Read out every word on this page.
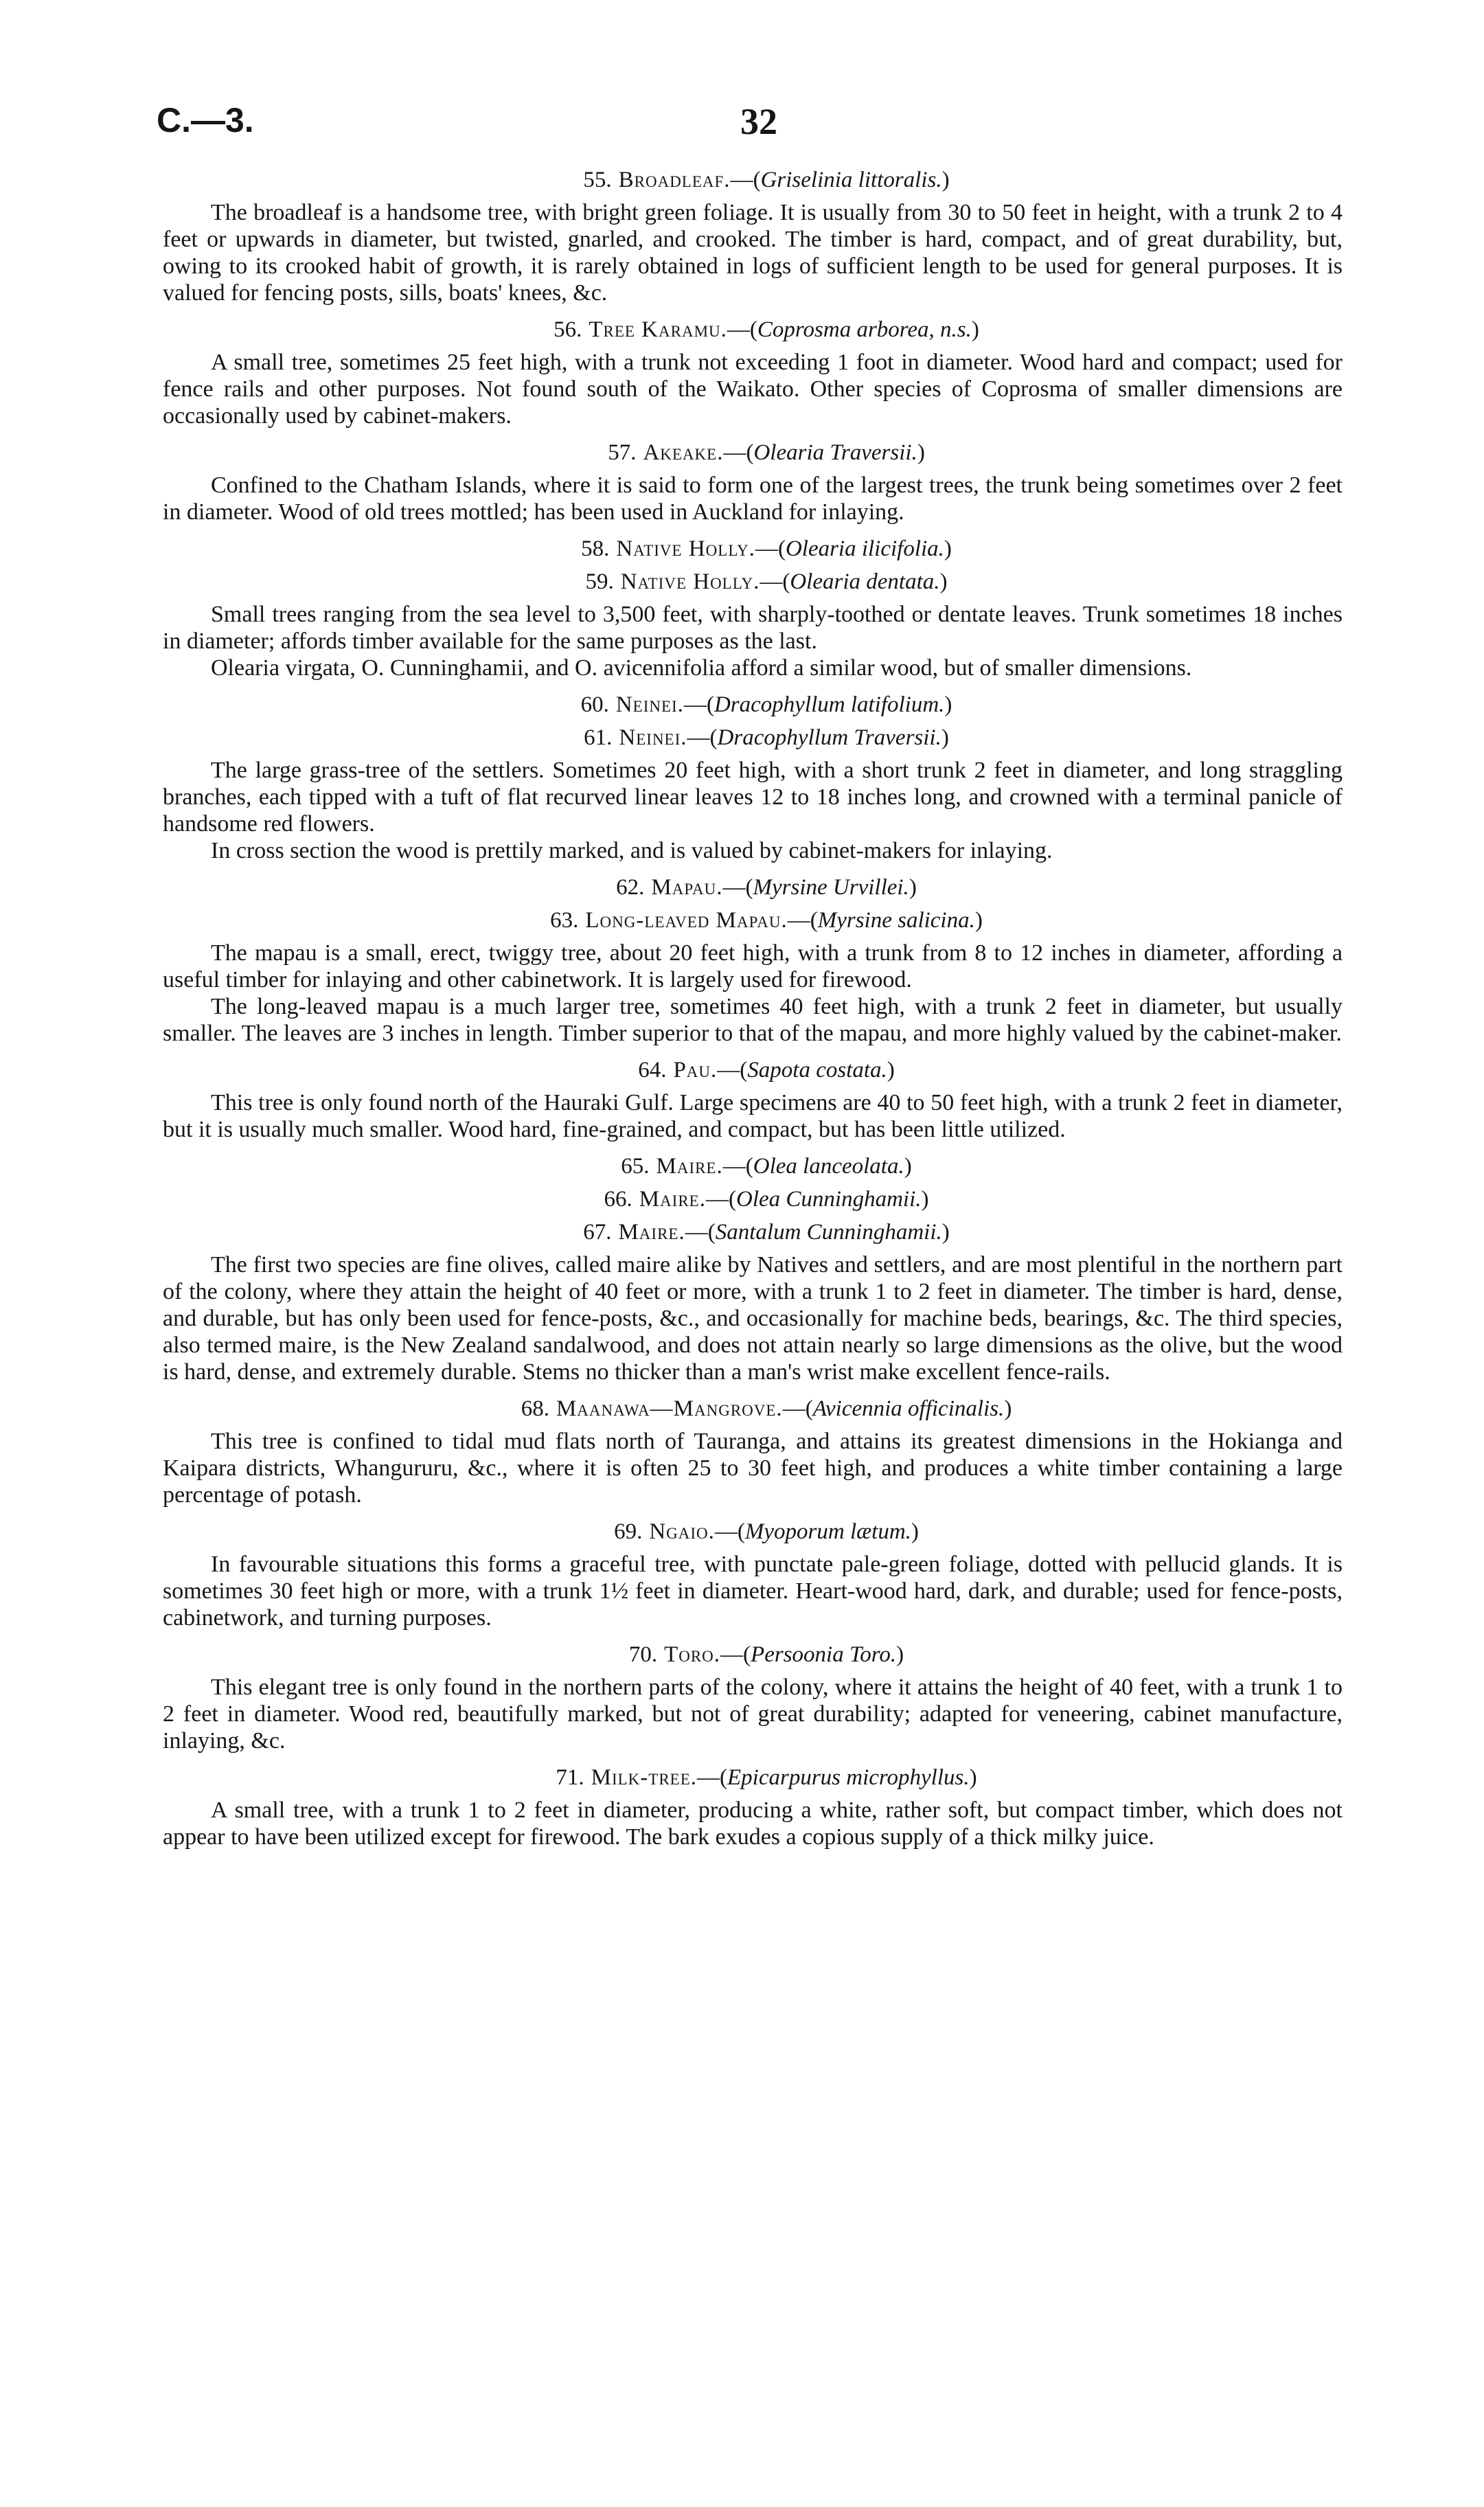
C.—3.	32
55. Broadleaf.—(Griselinia littoralis.)

The broadleaf is a handsome tree, with bright green foliage. It is usually from 30 to 50 feet in height, with a trunk 2 to 4 feet or upwards in diameter, but twisted, gnarled, and crooked. The timber is hard, compact, and of great durability, but, owing to its crooked habit of growth, it is rarely obtained in logs of sufficient length to be used for general purposes. It is valued for fencing posts, sills, boats' knees, &c.

56. Tree Karamu.—(Coprosma arborea, n.s.)

A small tree, sometimes 25 feet high, with a trunk not exceeding 1 foot in diameter. Wood hard and compact; used for fence rails and other purposes. Not found south of the Waikato. Other species of Coprosma of smaller dimensions are occasionally used by cabinet-makers.

57. Akeake.—(Olearia Traversii.)

Confined to the Chatham Islands, where it is said to form one of the largest trees, the trunk being sometimes over 2 feet in diameter. Wood of old trees mottled; has been used in Auckland for inlaying.

58. Native Holly.—(Olearia ilicifolia.)
59. Native Holly.—(Olearia dentata.)

Small trees ranging from the sea level to 3,500 feet, with sharply-toothed or dentate leaves. Trunk sometimes 18 inches in diameter; affords timber available for the same purposes as the last.

Olearia virgata, O. Cunninghamii, and O. avicennifolia afford a similar wood, but of smaller dimensions.

60. Neinei.—(Dracophyllum latifolium.)
61. Neinei.—(Dracophyllum Traversii.)

The large grass-tree of the settlers. Sometimes 20 feet high, with a short trunk 2 feet in diameter, and long straggling branches, each tipped with a tuft of flat recurved linear leaves 12 to 18 inches long, and crowned with a terminal panicle of handsome red flowers.

In cross section the wood is prettily marked, and is valued by cabinet-makers for inlaying.

62. Mapau.—(Myrsine Urvillei.)
63. Long-leaved Mapau.—(Myrsine salicina.)

The mapau is a small, erect, twiggy tree, about 20 feet high, with a trunk from 8 to 12 inches in diameter, affording a useful timber for inlaying and other cabinetwork. It is largely used for firewood.

The long-leaved mapau is a much larger tree, sometimes 40 feet high, with a trunk 2 feet in diameter, but usually smaller. The leaves are 3 inches in length. Timber superior to that of the mapau, and more highly valued by the cabinet-maker.

64. Pau.—(Sapota costata.)

This tree is only found north of the Hauraki Gulf. Large specimens are 40 to 50 feet high, with a trunk 2 feet in diameter, but it is usually much smaller. Wood hard, fine-grained, and compact, but has been little utilized.

65. Maire.—(Olea lanceolata.)
66. Maire.—(Olea Cunninghamii.)
67. Maire.—(Santalum Cunninghamii.)

The first two species are fine olives, called maire alike by Natives and settlers, and are most plentiful in the northern part of the colony, where they attain the height of 40 feet or more, with a trunk 1 to 2 feet in diameter. The timber is hard, dense, and durable, but has only been used for fence-posts, &c., and occasionally for machine beds, bearings, &c. The third species, also termed maire, is the New Zealand sandalwood, and does not attain nearly so large dimensions as the olive, but the wood is hard, dense, and extremely durable. Stems no thicker than a man's wrist make excellent fence-rails.

68. Maanawa—Mangrove.—(Avicennia officinalis.)

This tree is confined to tidal mud flats north of Tauranga, and attains its greatest dimensions in the Hokianga and Kaipara districts, Whangururu, &c., where it is often 25 to 30 feet high, and produces a white timber containing a large percentage of potash.

69. Ngaio.—(Myoporum lætum.)

In favourable situations this forms a graceful tree, with punctate pale-green foliage, dotted with pellucid glands. It is sometimes 30 feet high or more, with a trunk 1½ feet in diameter. Heart-wood hard, dark, and durable; used for fence-posts, cabinetwork, and turning purposes.

70. Toro.—(Persoonia Toro.)

This elegant tree is only found in the northern parts of the colony, where it attains the height of 40 feet, with a trunk 1 to 2 feet in diameter. Wood red, beautifully marked, but not of great durability; adapted for veneering, cabinet manufacture, inlaying, &c.

71. Milk-tree.—(Epicarpurus microphyllus.)

A small tree, with a trunk 1 to 2 feet in diameter, producing a white, rather soft, but compact timber, which does not appear to have been utilized except for firewood. The bark exudes a copious supply of a thick milky juice.
